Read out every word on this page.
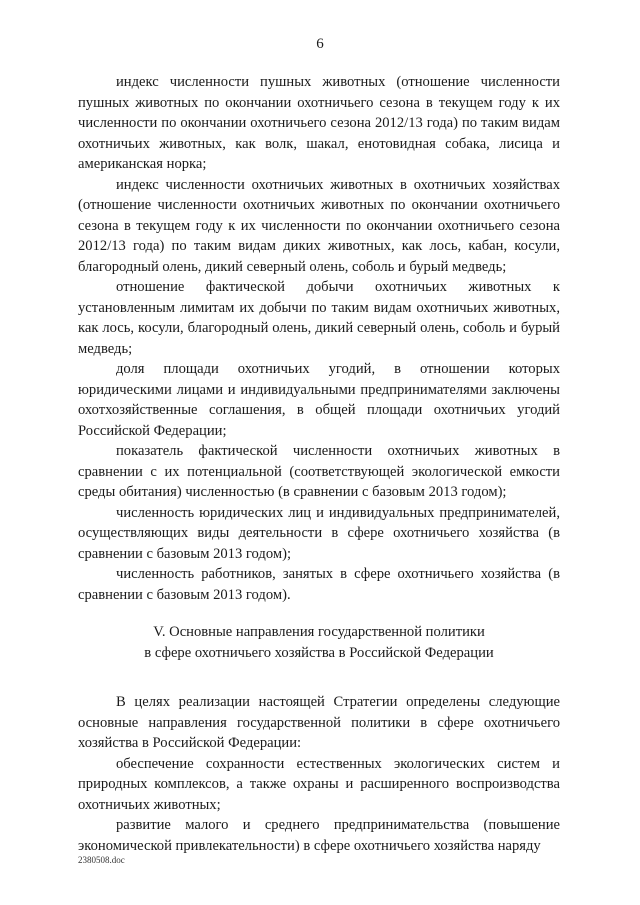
6

индекс численности пушных животных (отношение численности пушных животных по окончании охотничьего сезона в текущем году к их численности по окончании охотничьего сезона 2012/13 года) по таким видам охотничьих животных, как волк, шакал, енотовидная собака, лисица и американская норка;

индекс численности охотничьих животных в охотничьих хозяйствах (отношение численности охотничьих животных по окончании охотничьего сезона в текущем году к их численности по окончании охотничьего сезона 2012/13 года) по таким видам диких животных, как лось, кабан, косули, благородный олень, дикий северный олень, соболь и бурый медведь;

отношение фактической добычи охотничьих животных к установленным лимитам их добычи по таким видам охотничьих животных, как лось, косули, благородный олень, дикий северный олень, соболь и бурый медведь;

доля площади охотничьих угодий, в отношении которых юридическими лицами и индивидуальными предпринимателями заключены охотхозяйственные соглашения, в общей площади охотничьих угодий Российской Федерации;

показатель фактической численности охотничьих животных в сравнении с их потенциальной (соответствующей экологической емкости среды обитания) численностью (в сравнении с базовым 2013 годом);

численность юридических лиц и индивидуальных предпринимателей, осуществляющих виды деятельности в сфере охотничьего хозяйства (в сравнении с базовым 2013 годом);

численность работников, занятых в сфере охотничьего хозяйства (в сравнении с базовым 2013 годом).

V. Основные направления государственной политики
в сфере охотничьего хозяйства в Российской Федерации

В целях реализации настоящей Стратегии определены следующие основные направления государственной политики в сфере охотничьего хозяйства в Российской Федерации:

обеспечение сохранности естественных экологических систем и природных комплексов, а также охраны и расширенного воспроизводства охотничьих животных;

развитие малого и среднего предпринимательства (повышение экономической привлекательности) в сфере охотничьего хозяйства наряду

2380508.doc
